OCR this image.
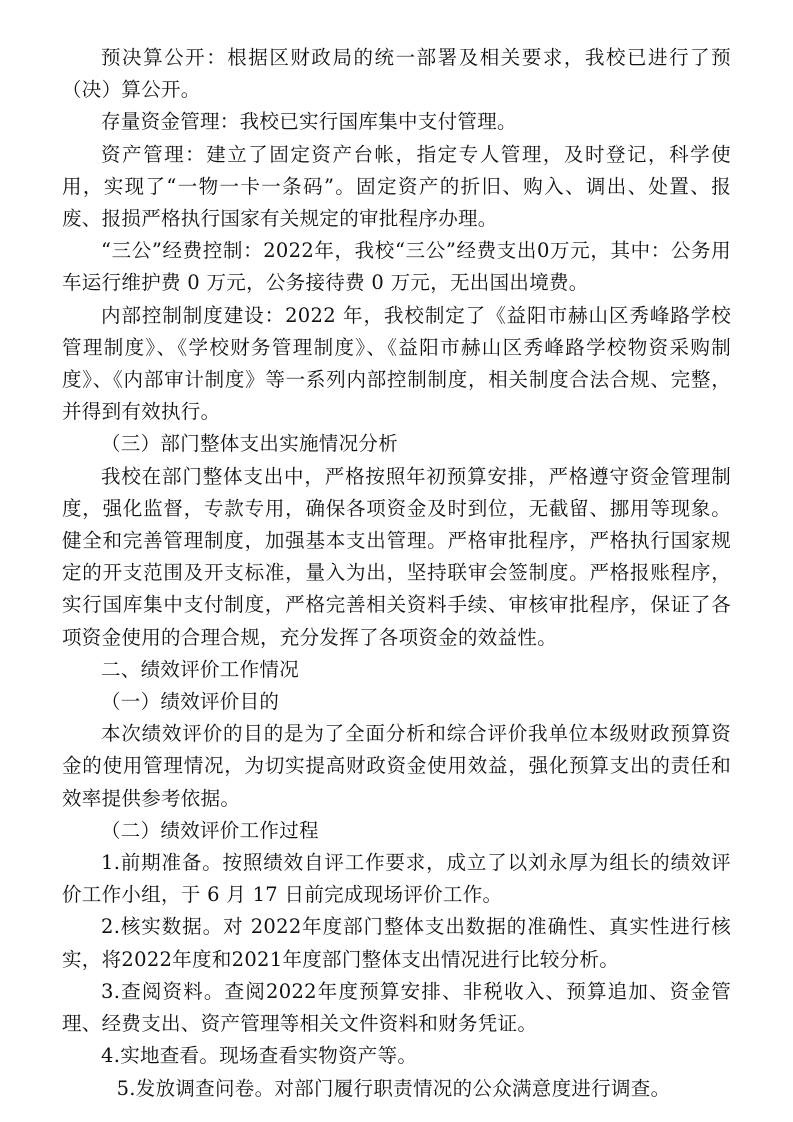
预决算公开：根据区财政局的统一部署及相关要求，我校已进行了预（决）算公开。

存量资金管理：我校已实行国库集中支付管理。

资产管理：建立了固定资产台帐，指定专人管理，及时登记，科学使用，实现了“一物一卡一条码”。固定资产的折旧、购入、调出、处置、报废、报损严格执行国家有关规定的审批程序办理。

“三公”经费控制：2022年，我校“三公”经费支出0万元，其中：公务用车运行维护费 0 万元，公务接待费 0 万元，无出国出境费。

内部控制制度建设：2022 年，我校制定了《益阳市赫山区秀峰路学校管理制度》、《学校财务管理制度》、《益阳市赫山区秀峰路学校物资采购制度》、《内部审计制度》等一系列内部控制制度，相关制度合法合规、完整，并得到有效执行。

（三）部门整体支出实施情况分析

我校在部门整体支出中，严格按照年初预算安排，严格遵守资金管理制度，强化监督，专款专用，确保各项资金及时到位，无截留、挪用等现象。健全和完善管理制度，加强基本支出管理。严格审批程序，严格执行国家规定的开支范围及开支标准，量入为出，坚持联审会签制度。严格报账程序，实行国库集中支付制度，严格完善相关资料手续、审核审批程序，保证了各项资金使用的合理合规，充分发挥了各项资金的效益性。

二、绩效评价工作情况

（一）绩效评价目的

本次绩效评价的目的是为了全面分析和综合评价我单位本级财政预算资金的使用管理情况，为切实提高财政资金使用效益，强化预算支出的责任和效率提供参考依据。

（二）绩效评价工作过程

1.前期准备。按照绩效自评工作要求，成立了以刘永厚为组长的绩效评价工作小组，于 6 月 17 日前完成现场评价工作。

2.核实数据。对 2022年度部门整体支出数据的准确性、真实性进行核实，将2022年度和2021年度部门整体支出情况进行比较分析。

3.查阅资料。查阅2022年度预算安排、非税收入、预算追加、资金管理、经费支出、资产管理等相关文件资料和财务凭证。

4.实地查看。现场查看实物资产等。

5.发放调查问卷。对部门履行职责情况的公众满意度进行调查。
